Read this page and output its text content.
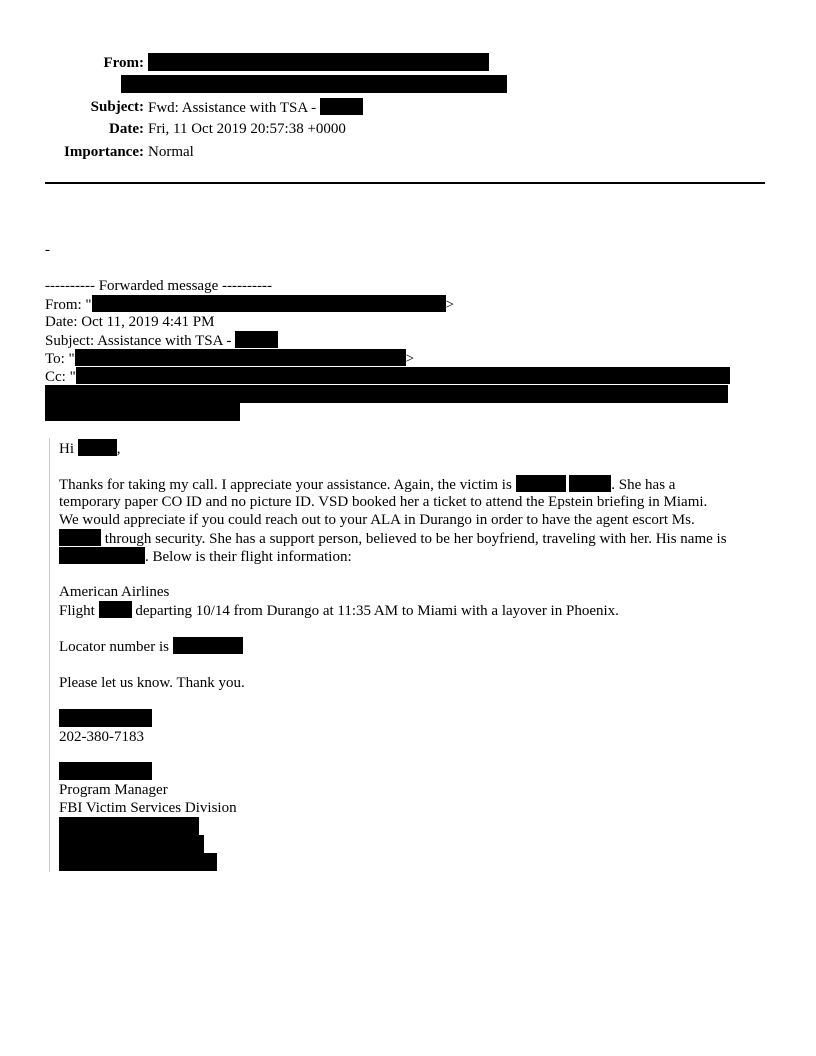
From:
Subject: Fwd: Assistance with TSA -
Date: Fri, 11 Oct 2019 20:57:38 +0000
Importance: Normal
-
---------- Forwarded message ----------
From: "	>
Date: Oct 11, 2019 4:41 PM
Subject: Assistance with TSA -
To: "	>
Cc: "
Hi	,
Thanks for taking my call. I appreciate your assistance. Again, the victim is	. She has a
temporary paper CO ID and no picture ID. VSD booked her a ticket to attend the Epstein briefing in Miami.
We would appreciate if you could reach out to your ALA in Durango in order to have the agent escort Ms.
through security. She has a support person, believed to be her boyfriend, traveling with her. His name is
. Below is their flight information:
American Airlines
Flight	departing 10/14 from Durango at 11:35 AM to Miami with a layover in Phoenix.
Locator number is
Please let us know. Thank you.
202-380-7183
Program Manager
FBI Victim Services Division
